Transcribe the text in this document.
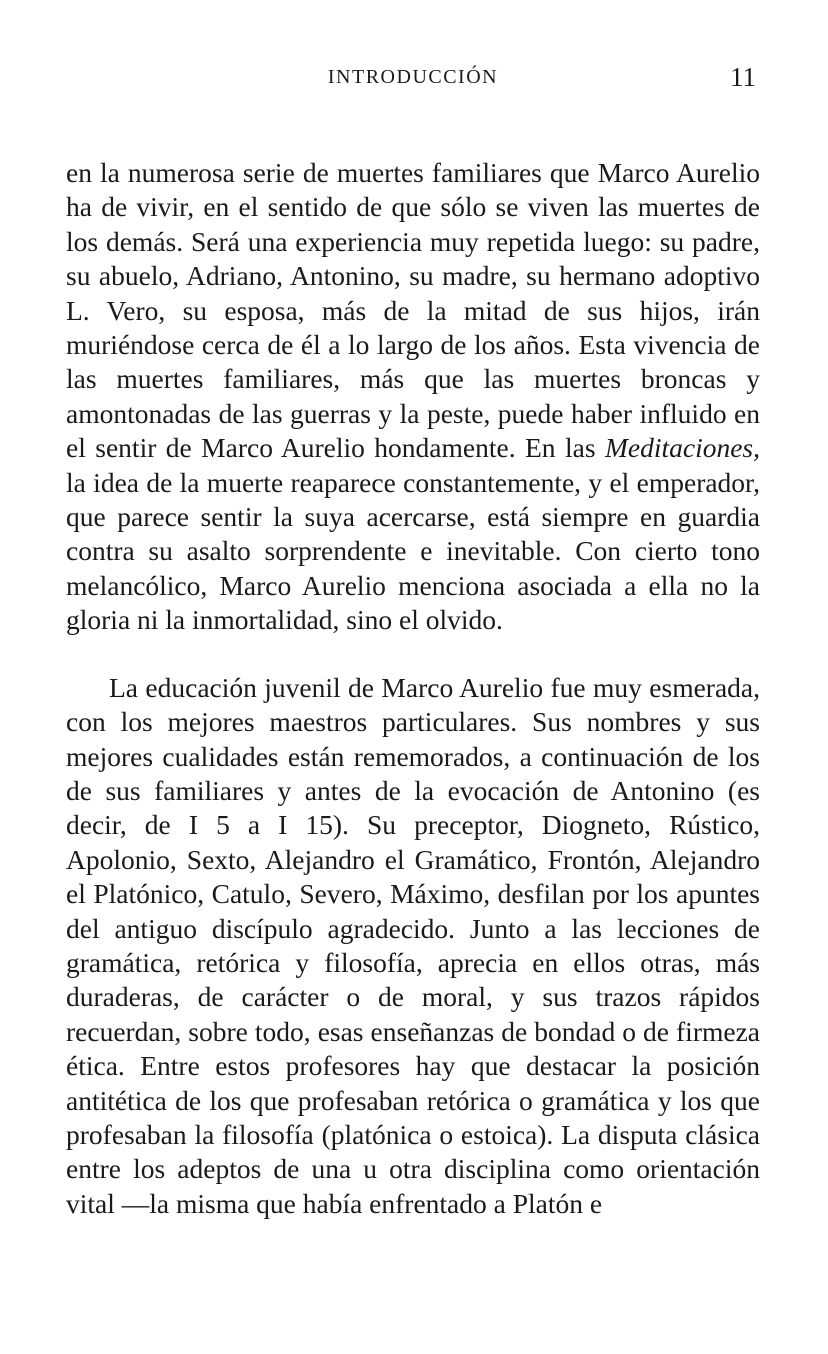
INTRODUCCIÓN	11

en la numerosa serie de muertes familiares que Marco Aurelio ha de vivir, en el sentido de que sólo se viven las muertes de los demás. Será una experiencia muy repetida luego: su padre, su abuelo, Adriano, Antonino, su madre, su hermano adoptivo L. Vero, su esposa, más de la mitad de sus hijos, irán muriéndose cerca de él a lo largo de los años. Esta vivencia de las muertes familiares, más que las muertes broncas y amontonadas de las guerras y la peste, puede haber influido en el sentir de Marco Aurelio hondamente. En las Meditaciones, la idea de la muerte reaparece constantemente, y el emperador, que parece sentir la suya acercarse, está siempre en guardia contra su asalto sorprendente e inevitable. Con cierto tono melancólico, Marco Aurelio menciona asociada a ella no la gloria ni la inmortalidad, sino el olvido.

La educación juvenil de Marco Aurelio fue muy esmerada, con los mejores maestros particulares. Sus nombres y sus mejores cualidades están rememorados, a continuación de los de sus familiares y antes de la evocación de Antonino (es decir, de I 5 a I 15). Su preceptor, Diogneto, Rústico, Apolonio, Sexto, Alejandro el Gramático, Frontón, Alejandro el Platónico, Catulo, Severo, Máximo, desfilan por los apuntes del antiguo discípulo agradecido. Junto a las lecciones de gramática, retórica y filosofía, aprecia en ellos otras, más duraderas, de carácter o de moral, y sus trazos rápidos recuerdan, sobre todo, esas enseñanzas de bondad o de firmeza ética. Entre estos profesores hay que destacar la posición antitética de los que profesaban retórica o gramática y los que profesaban la filosofía (platónica o estoica). La disputa clásica entre los adeptos de una u otra disciplina como orientación vital —la misma que había enfrentado a Platón e
